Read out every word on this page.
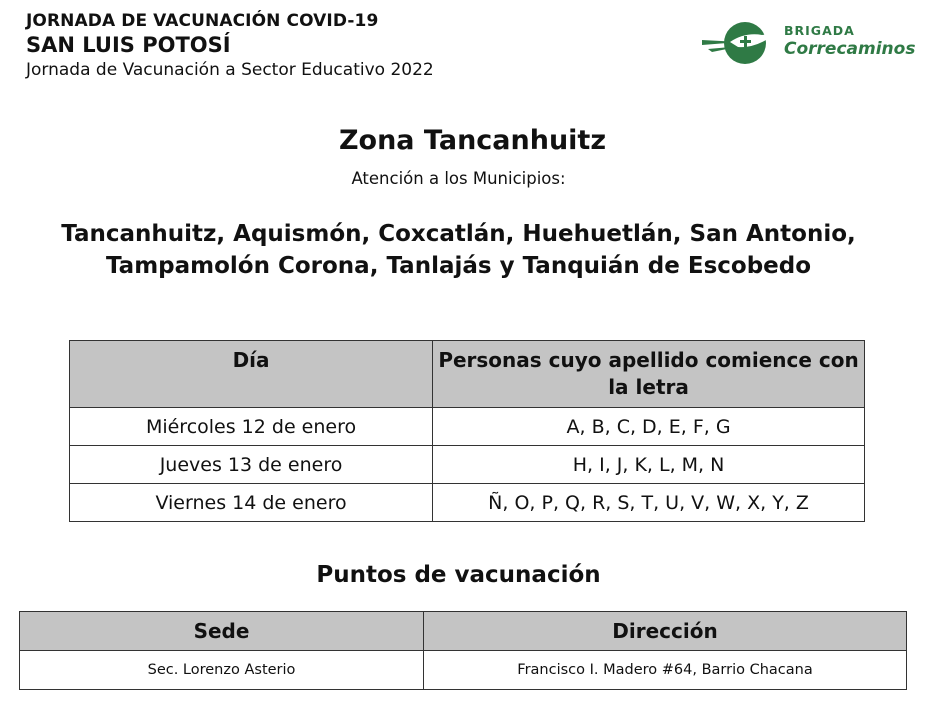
JORNADA DE VACUNACIÓN COVID-19
SAN LUIS POTOSÍ
Jornada de Vacunación a Sector Educativo 2022
BRIGADA
Correcaminos
Zona Tancanhuitz
Atención a los Municipios:
Tancanhuitz, Aquismón, Coxcatlán, Huehuetlán, San Antonio,
Tampamolón Corona, Tanlajás y Tanquián de Escobedo
Día	Personas cuyo apellido comience con la letra
Miércoles 12 de enero	A, B, C, D, E, F, G
Jueves 13 de enero	H, I, J, K, L, M, N
Viernes 14 de enero	Ñ, O, P, Q, R, S, T, U, V, W, X, Y, Z
Puntos de vacunación
Sede	Dirección
Sec. Lorenzo Asterio	Francisco I. Madero #64, Barrio Chacana
